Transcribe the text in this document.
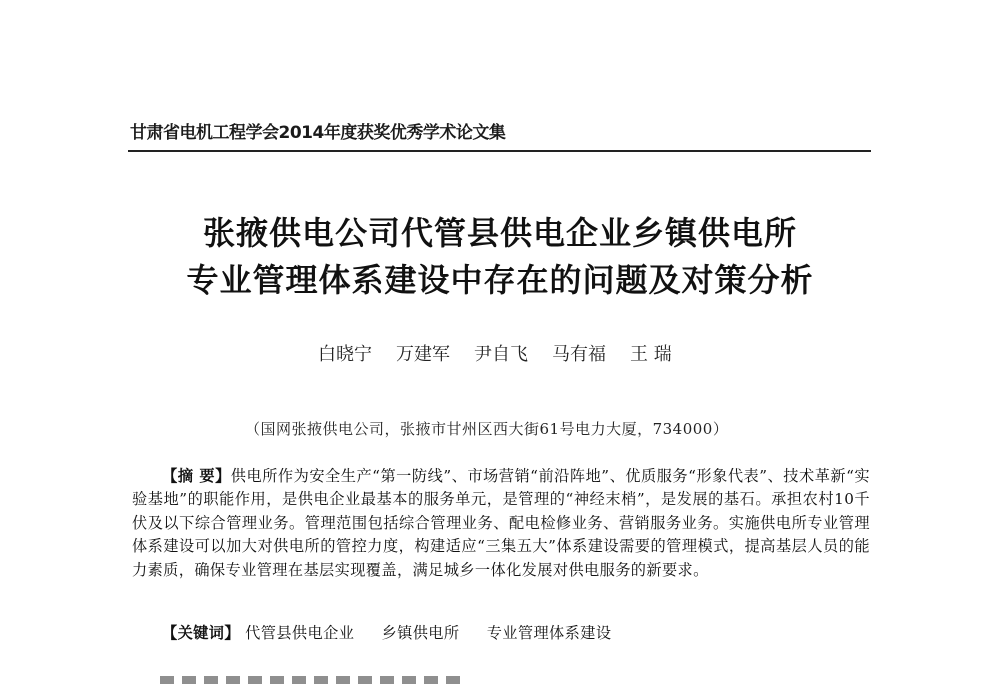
甘肃省电机工程学会2014年度获奖优秀学术论文集
张掖供电公司代管县供电企业乡镇供电所
专业管理体系建设中存在的问题及对策分析
白晓宁 万建军 尹自飞 马有福 王 瑞
（国网张掖供电公司，张掖市甘州区西大街61号电力大厦，734000）
【摘 要】供电所作为安全生产“第一防线”、市场营销“前沿阵地”、优质服务“形象代表”、技术革新“实验基地”的职能作用，是供电企业最基本的服务单元，是管理的“神经末梢”，是发展的基石。承担农村10千伏及以下综合管理业务。管理范围包括综合管理业务、配电检修业务、营销服务业务。实施供电所专业管理体系建设可以加大对供电所的管控力度，构建适应“三集五大”体系建设需要的管理模式，提高基层人员的能力素质，确保专业管理在基层实现覆盖，满足城乡一体化发展对供电服务的新要求。
【关键词】 代管县供电企业 乡镇供电所 专业管理体系建设
